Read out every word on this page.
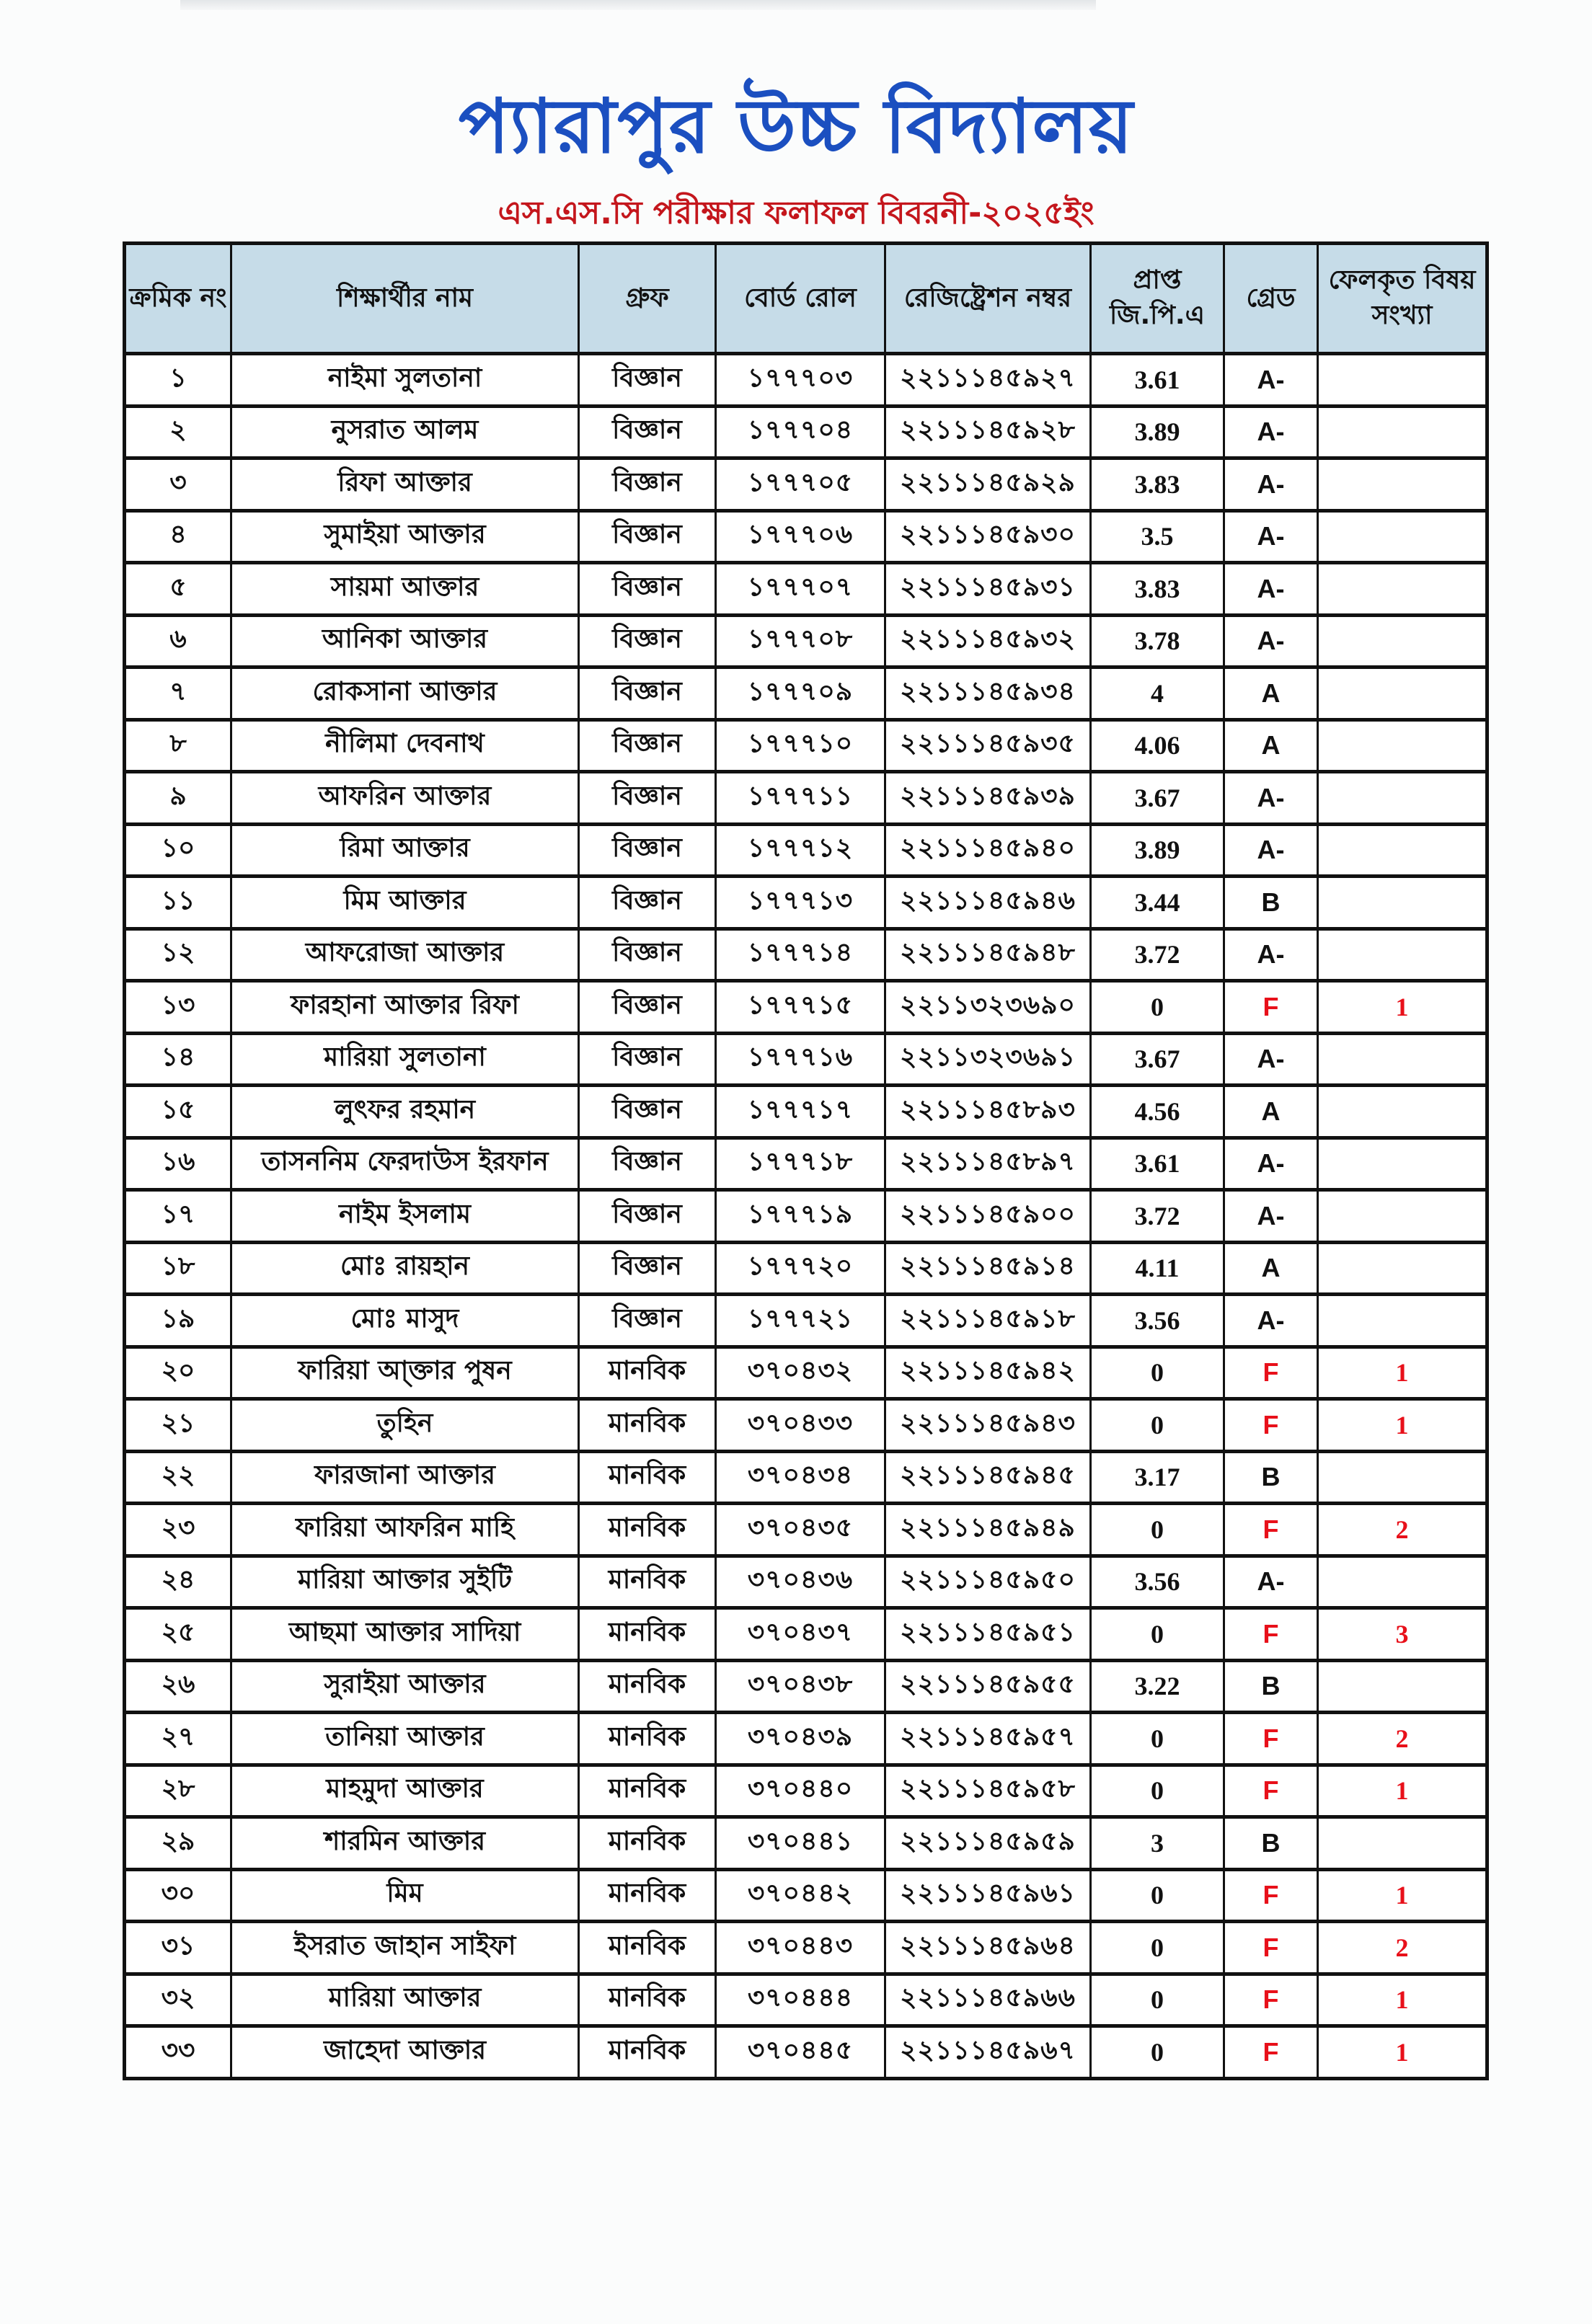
প্যারাপুর উচ্চ বিদ্যালয়
এস.এস.সি পরীক্ষার ফলাফল বিবরনী-২০২৫ইং
ক্রমিক নং	শিক্ষার্থীর নাম	গ্রুফ	বোর্ড রোল	রেজিষ্ট্রেশন নম্বর	প্রাপ্ত জি.পি.এ	গ্রেড	ফেলকৃত বিষয় সংখ্যা
১	নাইমা সুলতানা	বিজ্ঞান	১৭৭৭০৩	২২১১১৪৫৯২৭	3.61	A-	
২	নুসরাত আলম	বিজ্ঞান	১৭৭৭০৪	২২১১১৪৫৯২৮	3.89	A-	
৩	রিফা আক্তার	বিজ্ঞান	১৭৭৭০৫	২২১১১৪৫৯২৯	3.83	A-	
৪	সুমাইয়া আক্তার	বিজ্ঞান	১৭৭৭০৬	২২১১১৪৫৯৩০	3.5	A-	
৫	সায়মা আক্তার	বিজ্ঞান	১৭৭৭০৭	২২১১১৪৫৯৩১	3.83	A-	
৬	আনিকা আক্তার	বিজ্ঞান	১৭৭৭০৮	২২১১১৪৫৯৩২	3.78	A-	
৭	রোকসানা আক্তার	বিজ্ঞান	১৭৭৭০৯	২২১১১৪৫৯৩৪	4	A	
৮	নীলিমা দেবনাথ	বিজ্ঞান	১৭৭৭১০	২২১১১৪৫৯৩৫	4.06	A	
৯	আফরিন আক্তার	বিজ্ঞান	১৭৭৭১১	২২১১১৪৫৯৩৯	3.67	A-	
১০	রিমা আক্তার	বিজ্ঞান	১৭৭৭১২	২২১১১৪৫৯৪০	3.89	A-	
১১	মিম আক্তার	বিজ্ঞান	১৭৭৭১৩	২২১১১৪৫৯৪৬	3.44	B	
১২	আফরোজা আক্তার	বিজ্ঞান	১৭৭৭১৪	২২১১১৪৫৯৪৮	3.72	A-	
১৩	ফারহানা আক্তার রিফা	বিজ্ঞান	১৭৭৭১৫	২২১১৩২৩৬৯০	0	F	1
১৪	মারিয়া সুলতানা	বিজ্ঞান	১৭৭৭১৬	২২১১৩২৩৬৯১	3.67	A-	
১৫	লুৎফর রহমান	বিজ্ঞান	১৭৭৭১৭	২২১১১৪৫৮৯৩	4.56	A	
১৬	তাসননিম ফেরদাউস ইরফান	বিজ্ঞান	১৭৭৭১৮	২২১১১৪৫৮৯৭	3.61	A-	
১৭	নাইম ইসলাম	বিজ্ঞান	১৭৭৭১৯	২২১১১৪৫৯০০	3.72	A-	
১৮	মোঃ রায়হান	বিজ্ঞান	১৭৭৭২০	২২১১১৪৫৯১৪	4.11	A	
১৯	মোঃ মাসুদ	বিজ্ঞান	১৭৭৭২১	২২১১১৪৫৯১৮	3.56	A-	
২০	ফারিয়া আ্ক্তার পুষন	মানবিক	৩৭০৪৩২	২২১১১৪৫৯৪২	0	F	1
২১	তুহিন	মানবিক	৩৭০৪৩৩	২২১১১৪৫৯৪৩	0	F	1
২২	ফারজানা আক্তার	মানবিক	৩৭০৪৩৪	২২১১১৪৫৯৪৫	3.17	B	
২৩	ফারিয়া আফরিন মাহি	মানবিক	৩৭০৪৩৫	২২১১১৪৫৯৪৯	0	F	2
২৪	মারিয়া আক্তার সুইটি	মানবিক	৩৭০৪৩৬	২২১১১৪৫৯৫০	3.56	A-	
২৫	আছমা আক্তার সাদিয়া	মানবিক	৩৭০৪৩৭	২২১১১৪৫৯৫১	0	F	3
২৬	সুরাইয়া আক্তার	মানবিক	৩৭০৪৩৮	২২১১১৪৫৯৫৫	3.22	B	
২৭	তানিয়া আক্তার	মানবিক	৩৭০৪৩৯	২২১১১৪৫৯৫৭	0	F	2
২৮	মাহমুদা আক্তার	মানবিক	৩৭০৪৪০	২২১১১৪৫৯৫৮	0	F	1
২৯	শারমিন আক্তার	মানবিক	৩৭০৪৪১	২২১১১৪৫৯৫৯	3	B	
৩০	মিম	মানবিক	৩৭০৪৪২	২২১১১৪৫৯৬১	0	F	1
৩১	ইসরাত জাহান সাইফা	মানবিক	৩৭০৪৪৩	২২১১১৪৫৯৬৪	0	F	2
৩২	মারিয়া আক্তার	মানবিক	৩৭০৪৪৪	২২১১১৪৫৯৬৬	0	F	1
৩৩	জাহেদা আক্তার	মানবিক	৩৭০৪৪৫	২২১১১৪৫৯৬৭	0	F	1
